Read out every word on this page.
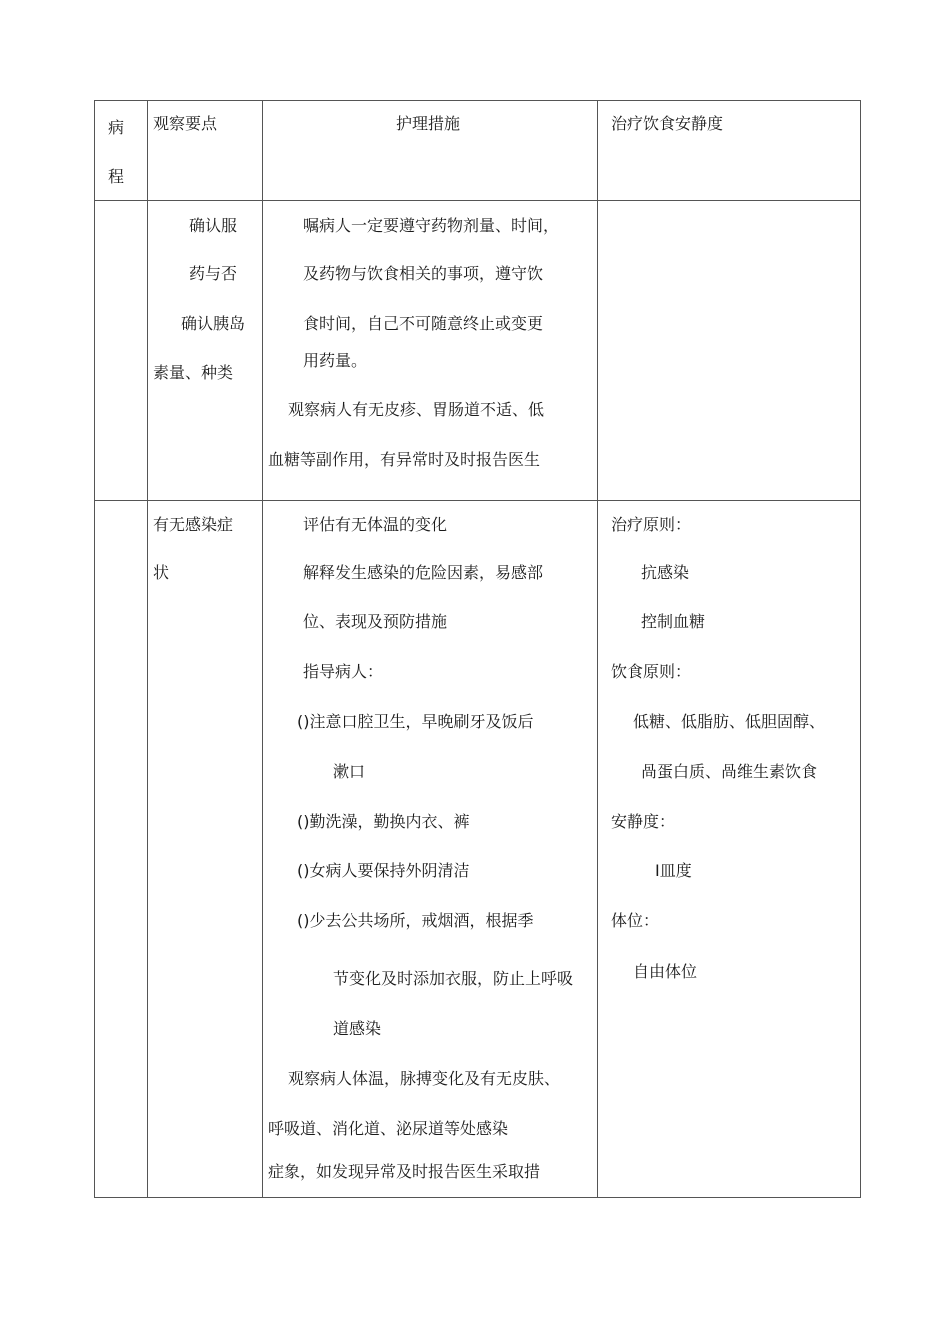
病
程
观察要点	护理措施	治疗饮食安静度
确认服
药与否
确认胰岛
素量、种类
嘱病人一定要遵守药物剂量、时间，
及药物与饮食相关的事项，遵守饮
食时间，自己不可随意终止或变更
用药量。
观察病人有无皮疹、胃肠道不适、低
血糖等副作用，有异常时及时报告医生
有无感染症
状
评估有无体温的变化
解释发生感染的危险因素，易感部
位、表现及预防措施
指导病人：
()注意口腔卫生，早晚刷牙及饭后
漱口
()勤洗澡，勤换内衣、裤
()女病人要保持外阴清洁
()少去公共场所，戒烟酒，根据季
节变化及时添加衣服，防止上呼吸
道感染
观察病人体温，脉搏变化及有无皮肤、
呼吸道、消化道、泌尿道等处感染
症象，如发现异常及时报告医生采取措
治疗原则：
抗感染
控制血糖
饮食原则：
低糖、低脂肪、低胆固醇、
咼蛋白质、咼维生素饮食
安静度：
I皿度
体位：
自由体位
